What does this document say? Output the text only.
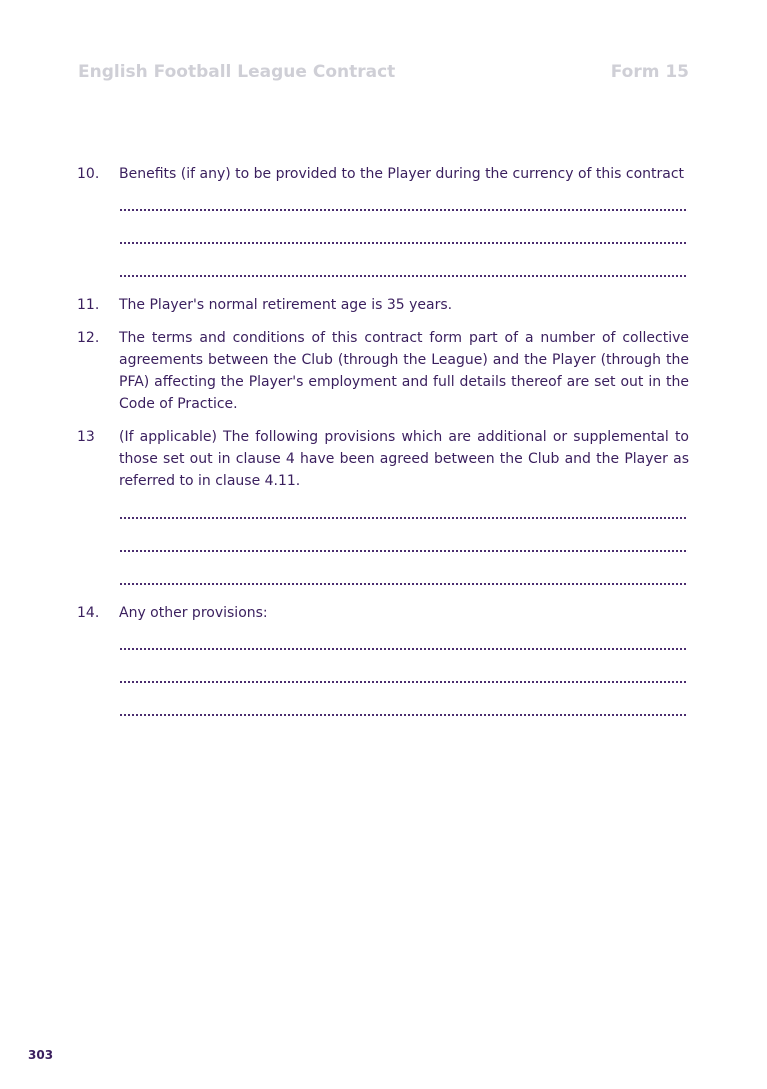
English Football League Contract	Form 15
10.	Benefits (if any) to be provided to the Player during the currency of this contract
11.	The Player's normal retirement age is 35 years.
12.	The terms and conditions of this contract form part of a number of collective agreements between the Club (through the League) and the Player (through the PFA) affecting the Player's employment and full details thereof are set out in the Code of Practice.
13	(If applicable) The following provisions which are additional or supplemental to those set out in clause 4 have been agreed between the Club and the Player as referred to in clause 4.11.
14.	Any other provisions:
303
